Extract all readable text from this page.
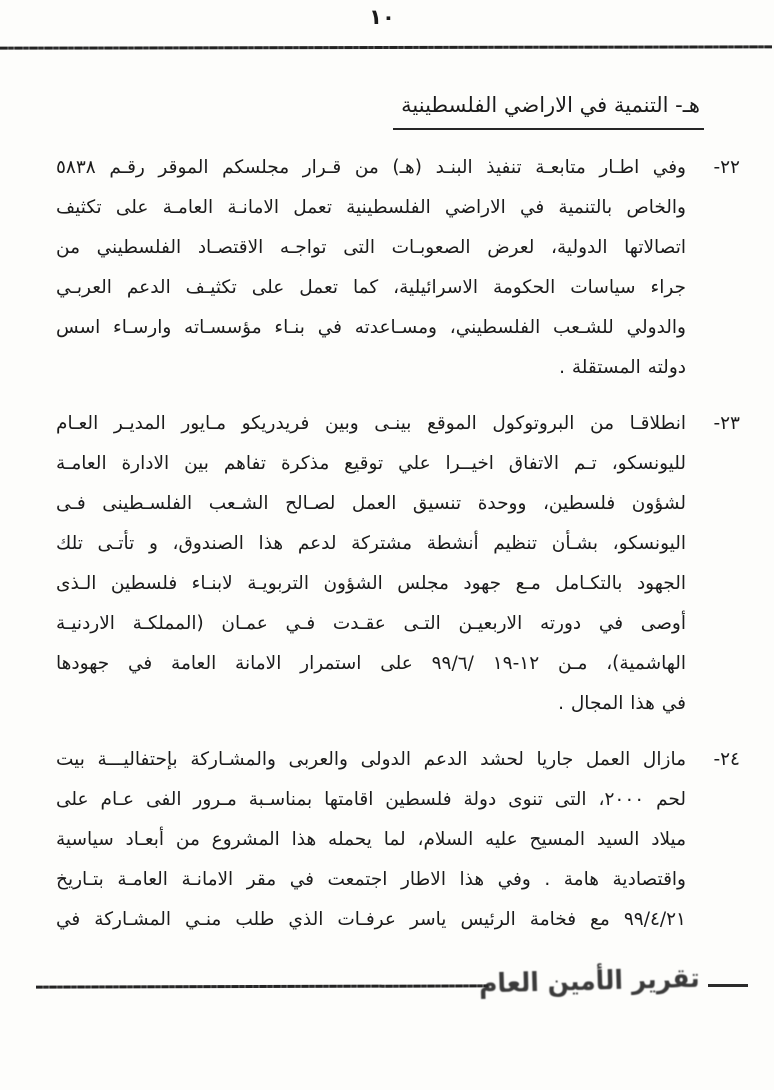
١٠
هـ- التنمية في الاراضي الفلسطينية
٢٢-
وفي اطـار متابعـة تنفيذ البنـد (هـ) من قـرار مجلسكم الموقر رقـم ٥٨٣٨
والخاص بالتنمية في الاراضي الفلسطينية تعمل الامانـة العامـة على تكثيف
اتصالاتها الدولية، لعرض الصعوبـات التى تواجـه الاقتصـاد الفلسطيني من
جراء سياسات الحكومة الاسرائيلية، كما تعمل على تكثيـف الدعم العربـي
والدولي للشـعب الفلسطيني، ومسـاعدته في بنـاء مؤسسـاته وارسـاء اسس
دولته المستقلة .
٢٣-
انطلاقـا من البروتوكول الموقع بينـى وبين فريدريكو مـايور المديـر العـام
لليونسكو، تـم الاتفاق اخيــرا علي توقيع مذكرة تفاهم بين الادارة العامـة
لشؤون فلسطين، ووحدة تنسيق العمل لصـالح الشـعب الفلسـطينى فـى
اليونسكو، بشـأن تنظيم أنشطة مشتركة لدعم هذا الصندوق، و تأتـى تلك
الجهود بالتكـامل مـع جهود مجلس الشؤون التربويـة لابنـاء فلسطين الـذى
أوصى في دورته الاربعيـن التـى عقـدت فـي عمـان (المملكـة الاردنيـة
الهاشمية)، مـن ‭٩٩/٦/ ١٩-١٢‬ على استمرار الامانة العامة في جهودها
في هذا المجال .
٢٤-
مازال العمل جاريا لحشد الدعم الدولى والعربى والمشـاركة بإحتفاليـــة بيت
لحم ٢٠٠٠، التى تنوى دولة فلسطين اقامتها بمناسـبة مـرور الفى عـام على
ميلاد السيد المسيح عليه السلام، لما يحمله هذا المشروع من أبعـاد سياسية
واقتصادية هامة . وفي هذا الاطار اجتمعت في مقر الامانـة العامـة بتـاريخ
‭٩٩/٤/٢١‬ مع فخامة الرئيس ياسر عرفـات الذي طلب منـي المشـاركة في
تقرير الأمين العام
